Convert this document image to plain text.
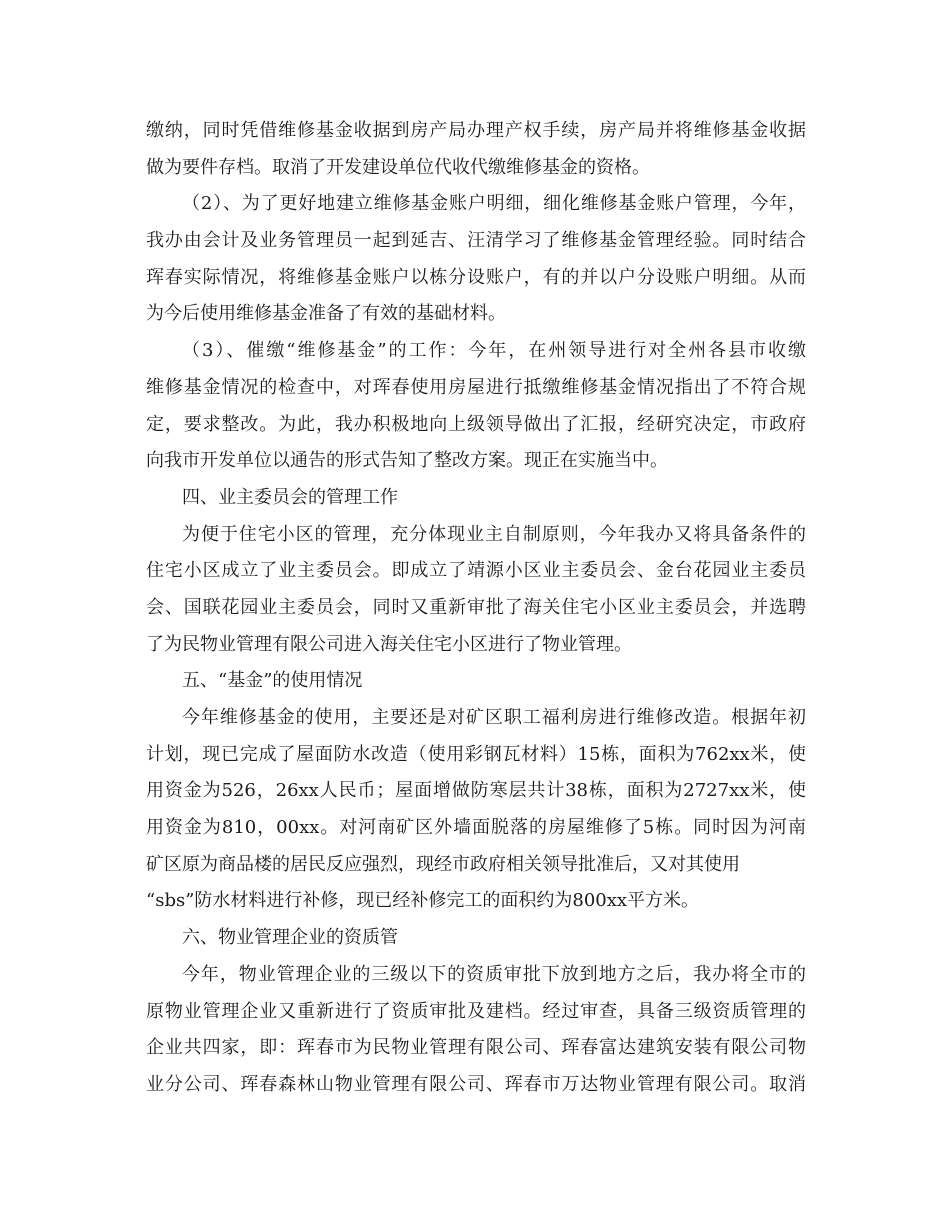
缴纳，同时凭借维修基金收据到房产局办理产权手续，房产局并将维修基金收据
做为要件存档。取消了开发建设单位代收代缴维修基金的资格。
（2）、为了更好地建立维修基金账户明细，细化维修基金账户管理，今年，
我办由会计及业务管理员一起到延吉、汪清学习了维修基金管理经验。同时结合
珲春实际情况，将维修基金账户以栋分设账户，有的并以户分设账户明细。从而
为今后使用维修基金准备了有效的基础材料。
（3）、催缴“维修基金”的工作：今年，在州领导进行对全州各县市收缴
维修基金情况的检查中，对珲春使用房屋进行抵缴维修基金情况指出了不符合规
定，要求整改。为此，我办积极地向上级领导做出了汇报，经研究决定，市政府
向我市开发单位以通告的形式告知了整改方案。现正在实施当中。
四、业主委员会的管理工作
为便于住宅小区的管理，充分体现业主自制原则，今年我办又将具备条件的
住宅小区成立了业主委员会。即成立了靖源小区业主委员会、金台花园业主委员
会、国联花园业主委员会，同时又重新审批了海关住宅小区业主委员会，并选聘
了为民物业管理有限公司进入海关住宅小区进行了物业管理。
五、“基金”的使用情况
今年维修基金的使用，主要还是对矿区职工福利房进行维修改造。根据年初
计划，现已完成了屋面防水改造（使用彩钢瓦材料）15栋，面积为762xx米，使
用资金为526，26xx人民币；屋面增做防寒层共计38栋，面积为2727xx米，使
用资金为810，00xx。对河南矿区外墙面脱落的房屋维修了5栋。同时因为河南
矿区原为商品楼的居民反应强烈，现经市政府相关领导批准后，又对其使用
“sbs”防水材料进行补修，现已经补修完工的面积约为800xx平方米。
六、物业管理企业的资质管
今年，物业管理企业的三级以下的资质审批下放到地方之后，我办将全市的
原物业管理企业又重新进行了资质审批及建档。经过审查，具备三级资质管理的
企业共四家，即：珲春市为民物业管理有限公司、珲春富达建筑安装有限公司物
业分公司、珲春森林山物业管理有限公司、珲春市万达物业管理有限公司。取消
